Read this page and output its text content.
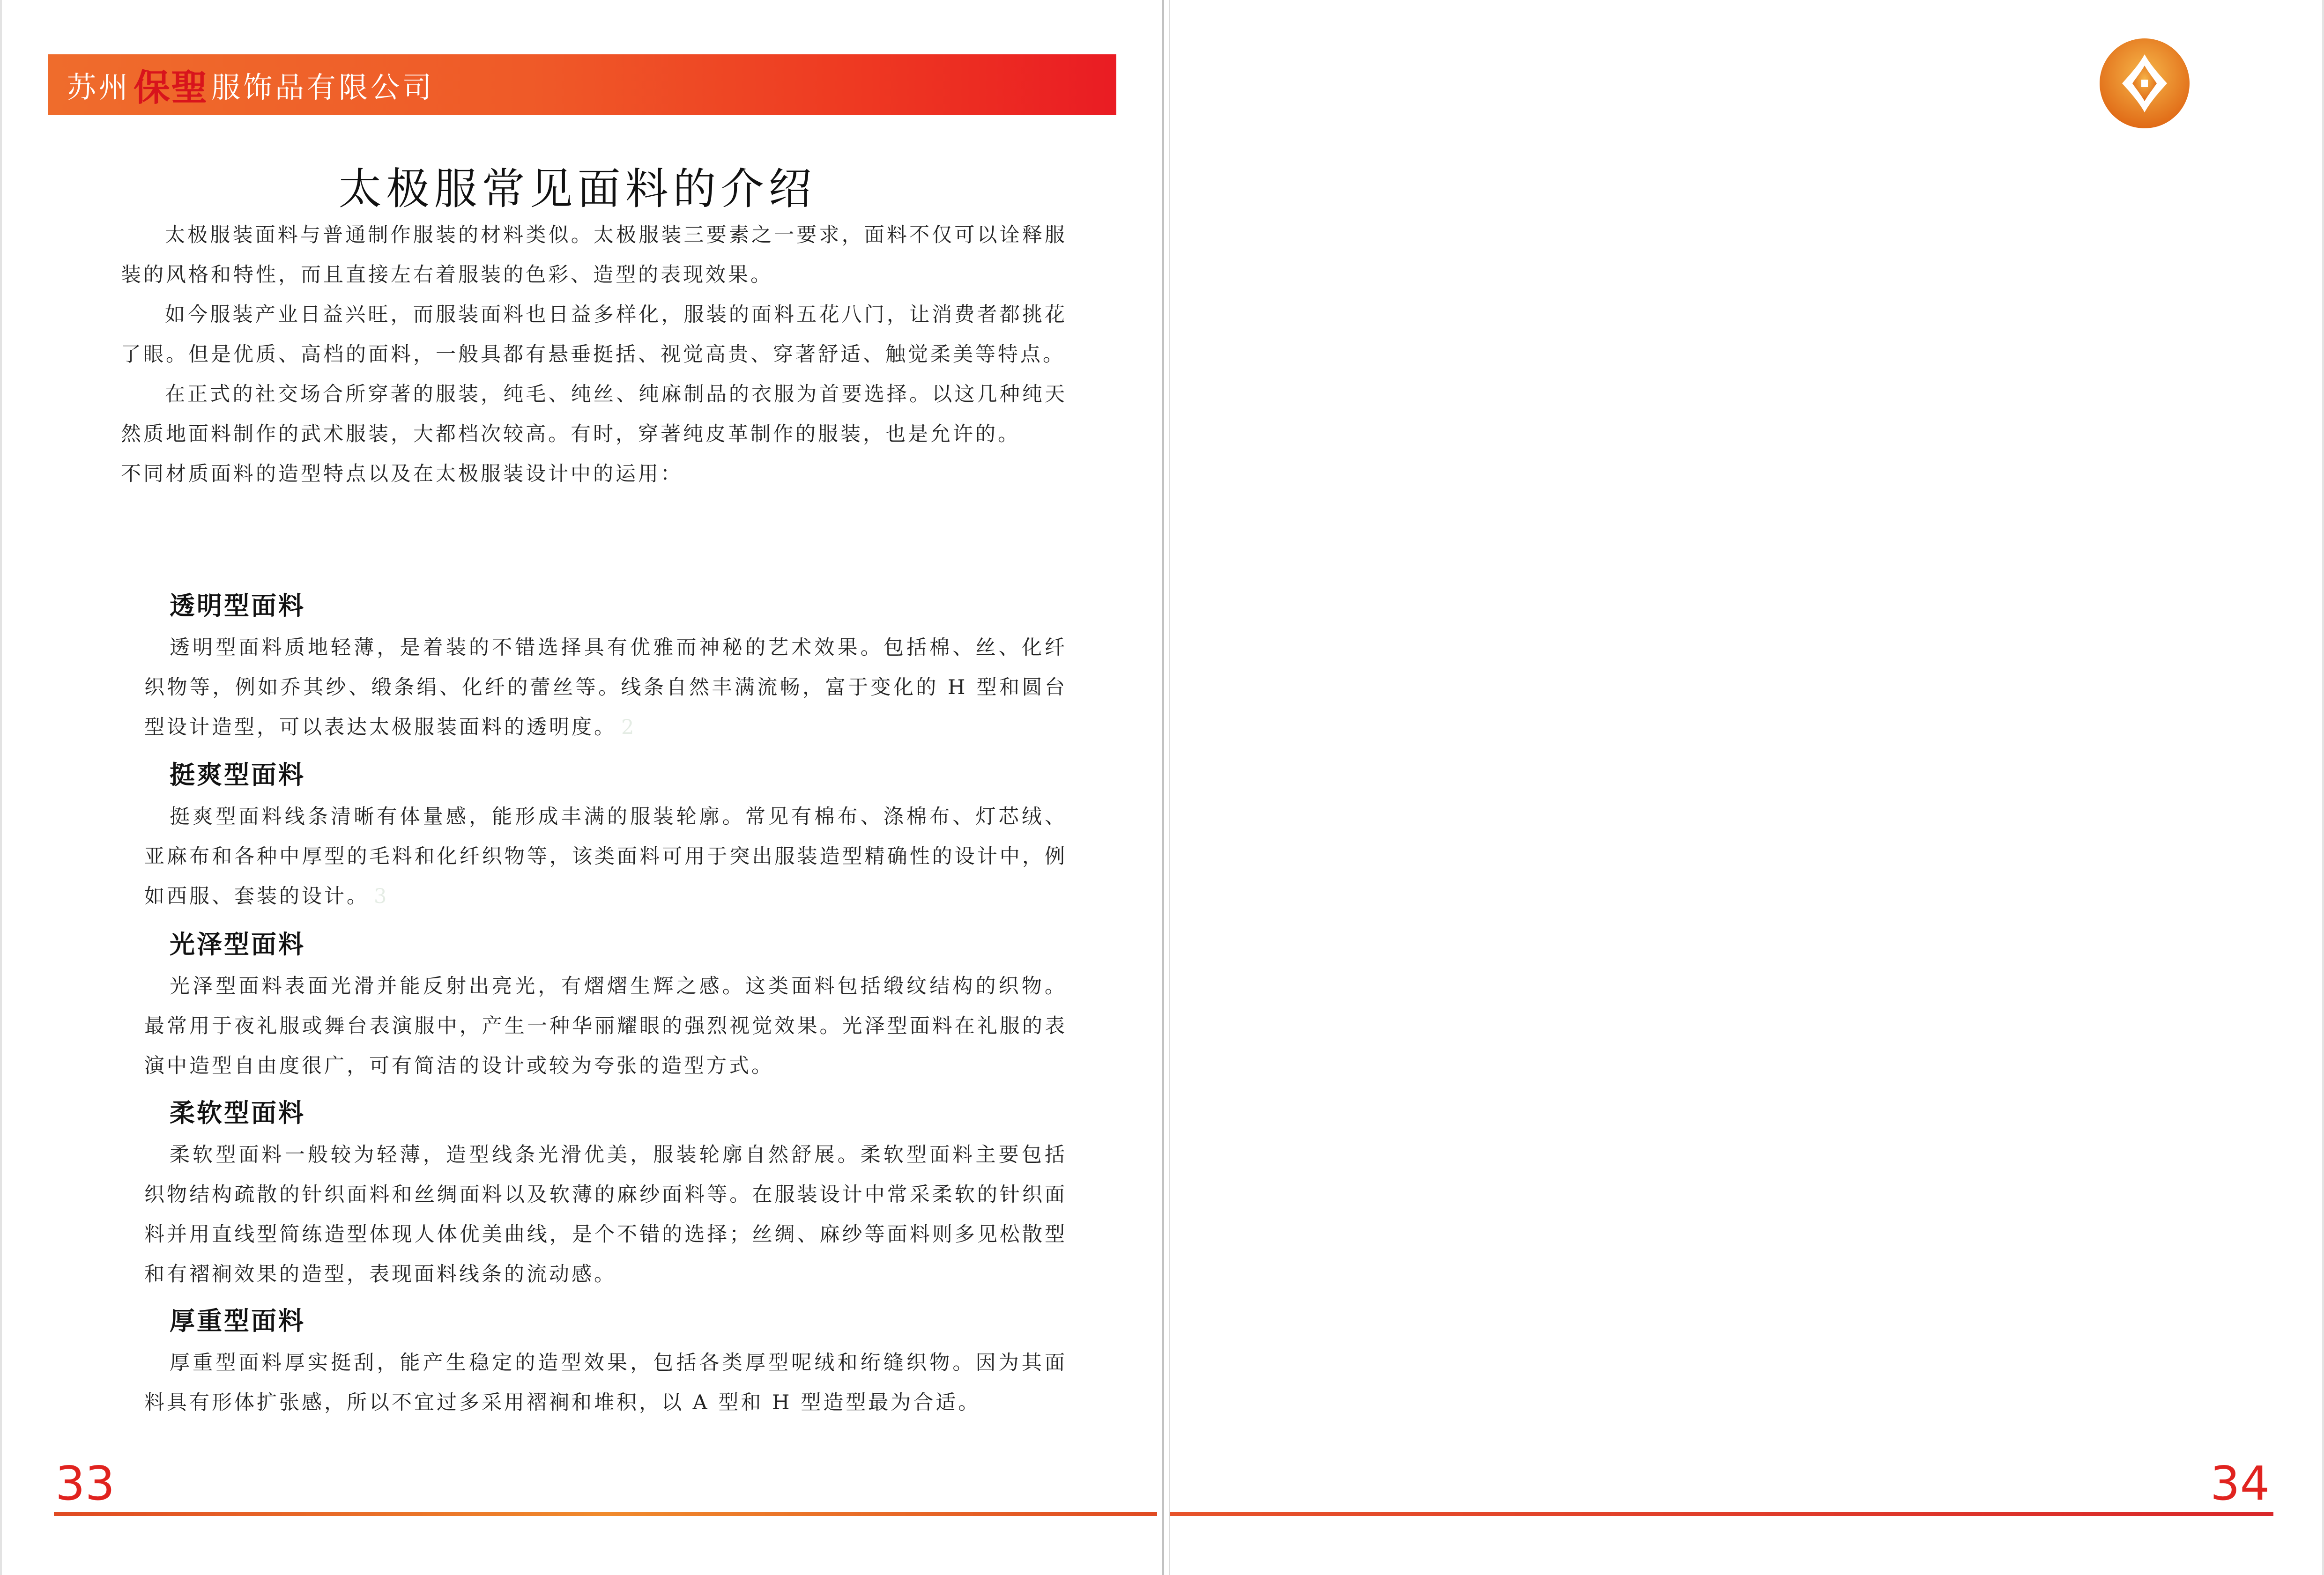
苏州 保聖 服饰品有限公司
太极服常见面料的介绍

太极服装面料与普通制作服装的材料类似。太极服装三要素之一要求，面料不仅可以诠释服装的风格和特性，而且直接左右着服装的色彩、造型的表现效果。

如今服装产业日益兴旺，而服装面料也日益多样化，服装的面料五花八门，让消费者都挑花了眼。但是优质、高档的面料，一般具都有悬垂挺括、视觉高贵、穿著舒适、触觉柔美等特点。

在正式的社交场合所穿著的服装，纯毛、纯丝、纯麻制品的衣服为首要选择。以这几种纯天然质地面料制作的武术服装，大都档次较高。有时，穿著纯皮革制作的服装，也是允许的。

不同材质面料的造型特点以及在太极服装设计中的运用：

透明型面料

透明型面料质地轻薄，是着装的不错选择具有优雅而神秘的艺术效果。包括棉、丝、化纤织物等，例如乔其纱、缎条绢、化纤的蕾丝等。线条自然丰满流畅，富于变化的 H 型和圆台型设计造型，可以表达太极服装面料的透明度。 2

挺爽型面料

挺爽型面料线条清晰有体量感，能形成丰满的服装轮廓。常见有棉布、涤棉布、灯芯绒、亚麻布和各种中厚型的毛料和化纤织物等，该类面料可用于突出服装造型精确性的设计中，例如西服、套装的设计。 3

光泽型面料

光泽型面料表面光滑并能反射出亮光，有熠熠生辉之感。这类面料包括缎纹结构的织物。最常用于夜礼服或舞台表演服中，产生一种华丽耀眼的强烈视觉效果。光泽型面料在礼服的表演中造型自由度很广，可有简洁的设计或较为夸张的造型方式。

柔软型面料

柔软型面料一般较为轻薄，造型线条光滑优美，服装轮廓自然舒展。柔软型面料主要包括织物结构疏散的针织面料和丝绸面料以及软薄的麻纱面料等。在服装设计中常采柔软的针织面料并用直线型简练造型体现人体优美曲线，是个不错的选择；丝绸、麻纱等面料则多见松散型和有褶裥效果的造型，表现面料线条的流动感。

厚重型面料

厚重型面料厚实挺刮，能产生稳定的造型效果，包括各类厚型呢绒和绗缝织物。因为其面料具有形体扩张感，所以不宜过多采用褶裥和堆积，以 A 型和 H 型造型最为合适。

33	34
